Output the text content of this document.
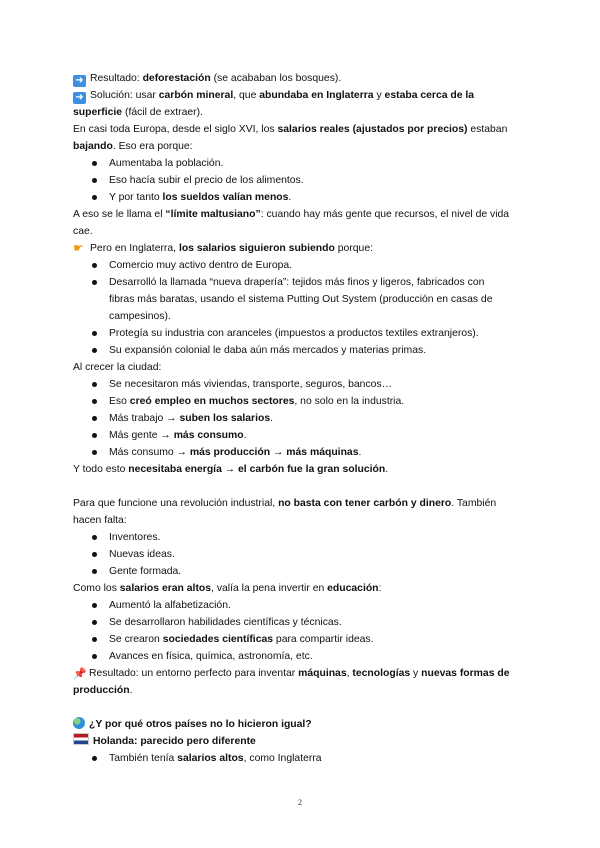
➜ Resultado: deforestación (se acababan los bosques).

➜ Solución: usar carbón mineral, que abundaba en Inglaterra y estaba cerca de la

superficie (fácil de extraer).

En casi toda Europa, desde el siglo XVI, los salarios reales (ajustados por precios) estaban

bajando. Eso era porque:

Aumentaba la población.
Eso hacía subir el precio de los alimentos.
Y por tanto los sueldos valían menos.

A eso se le llama el “límite maltusiano”: cuando hay más gente que recursos, el nivel de vida

cae.

☛ Pero en Inglaterra, los salarios siguieron subiendo porque:

Comercio muy activo dentro de Europa.
Desarrolló la llamada “nueva drapería”: tejidos más finos y ligeros, fabricados con
fibras más baratas, usando el sistema Putting Out System (producción en casas de
campesinos).
Protegía su industria con aranceles (impuestos a productos textiles extranjeros).
Su expansión colonial le daba aún más mercados y materias primas.

Al crecer la ciudad:

Se necesitaron más viviendas, transporte, seguros, bancos…
Eso creó empleo en muchos sectores, no solo en la industria.
Más trabajo → suben los salarios.
Más gente → más consumo.
Más consumo → más producción → más máquinas.

Y todo esto necesitaba energía → el carbón fue la gran solución.

Para que funcione una revolución industrial, no basta con tener carbón y dinero. También

hacen falta:

Inventores.
Nuevas ideas.
Gente formada.

Como los salarios eran altos, valía la pena invertir en educación:

Aumentó la alfabetización.
Se desarrollaron habilidades científicas y técnicas.
Se crearon sociedades científicas para compartir ideas.
Avances en física, química, astronomía, etc.

📌 Resultado: un entorno perfecto para inventar máquinas, tecnologías y nuevas formas de

producción.

¿Y por qué otros países no lo hicieron igual?

Holanda: parecido pero diferente

También tenía salarios altos, como Inglaterra
2
